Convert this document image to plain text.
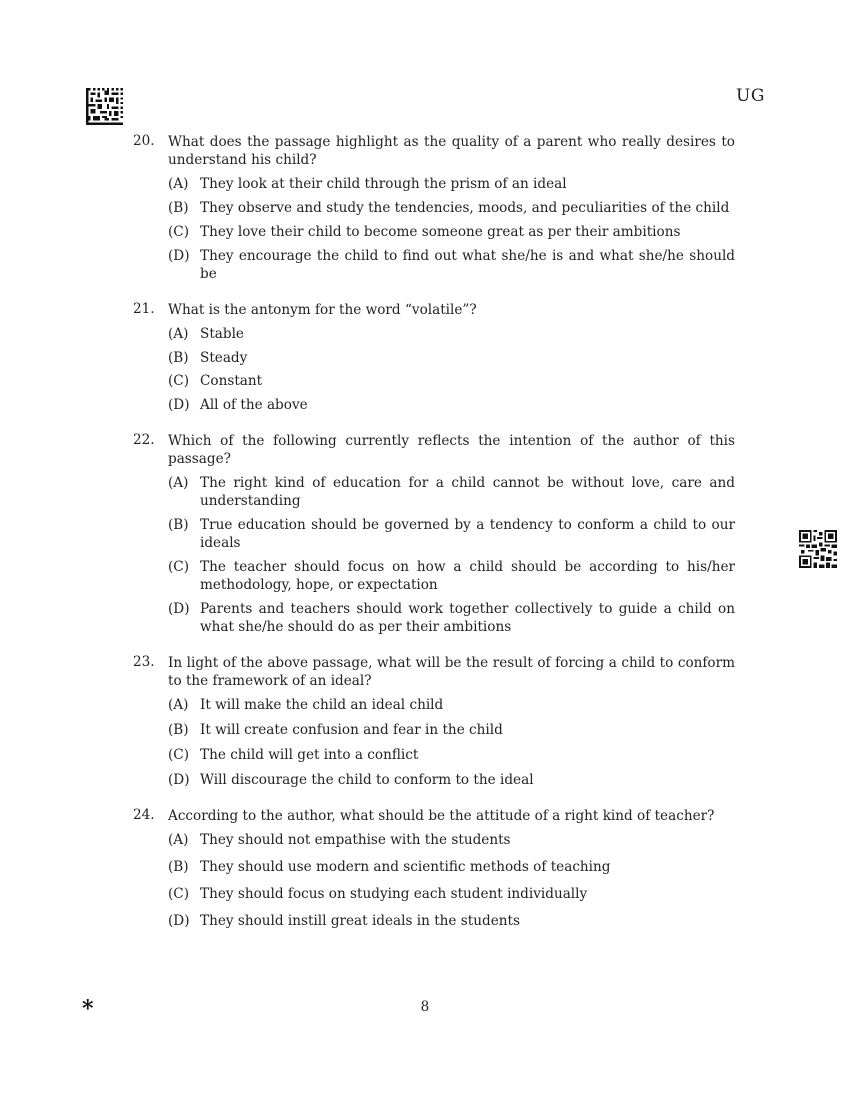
UG
20. What does the passage highlight as the quality of a parent who really desires to understand his child?
(A) They look at their child through the prism of an ideal
(B) They observe and study the tendencies, moods, and peculiarities of the child
(C) They love their child to become someone great as per their ambitions
(D) They encourage the child to find out what she/he is and what she/he should be
21. What is the antonym for the word “volatile”?
(A) Stable
(B) Steady
(C) Constant
(D) All of the above
22. Which of the following currently reflects the intention of the author of this passage?
(A) The right kind of education for a child cannot be without love, care and understanding
(B) True education should be governed by a tendency to conform a child to our ideals
(C) The teacher should focus on how a child should be according to his/her methodology, hope, or expectation
(D) Parents and teachers should work together collectively to guide a child on what she/he should do as per their ambitions
23. In light of the above passage, what will be the result of forcing a child to conform to the framework of an ideal?
(A) It will make the child an ideal child
(B) It will create confusion and fear in the child
(C) The child will get into a conflict
(D) Will discourage the child to conform to the ideal
24. According to the author, what should be the attitude of a right kind of teacher?
(A) They should not empathise with the students
(B) They should use modern and scientific methods of teaching
(C) They should focus on studying each student individually
(D) They should instill great ideals in the students
*	8
